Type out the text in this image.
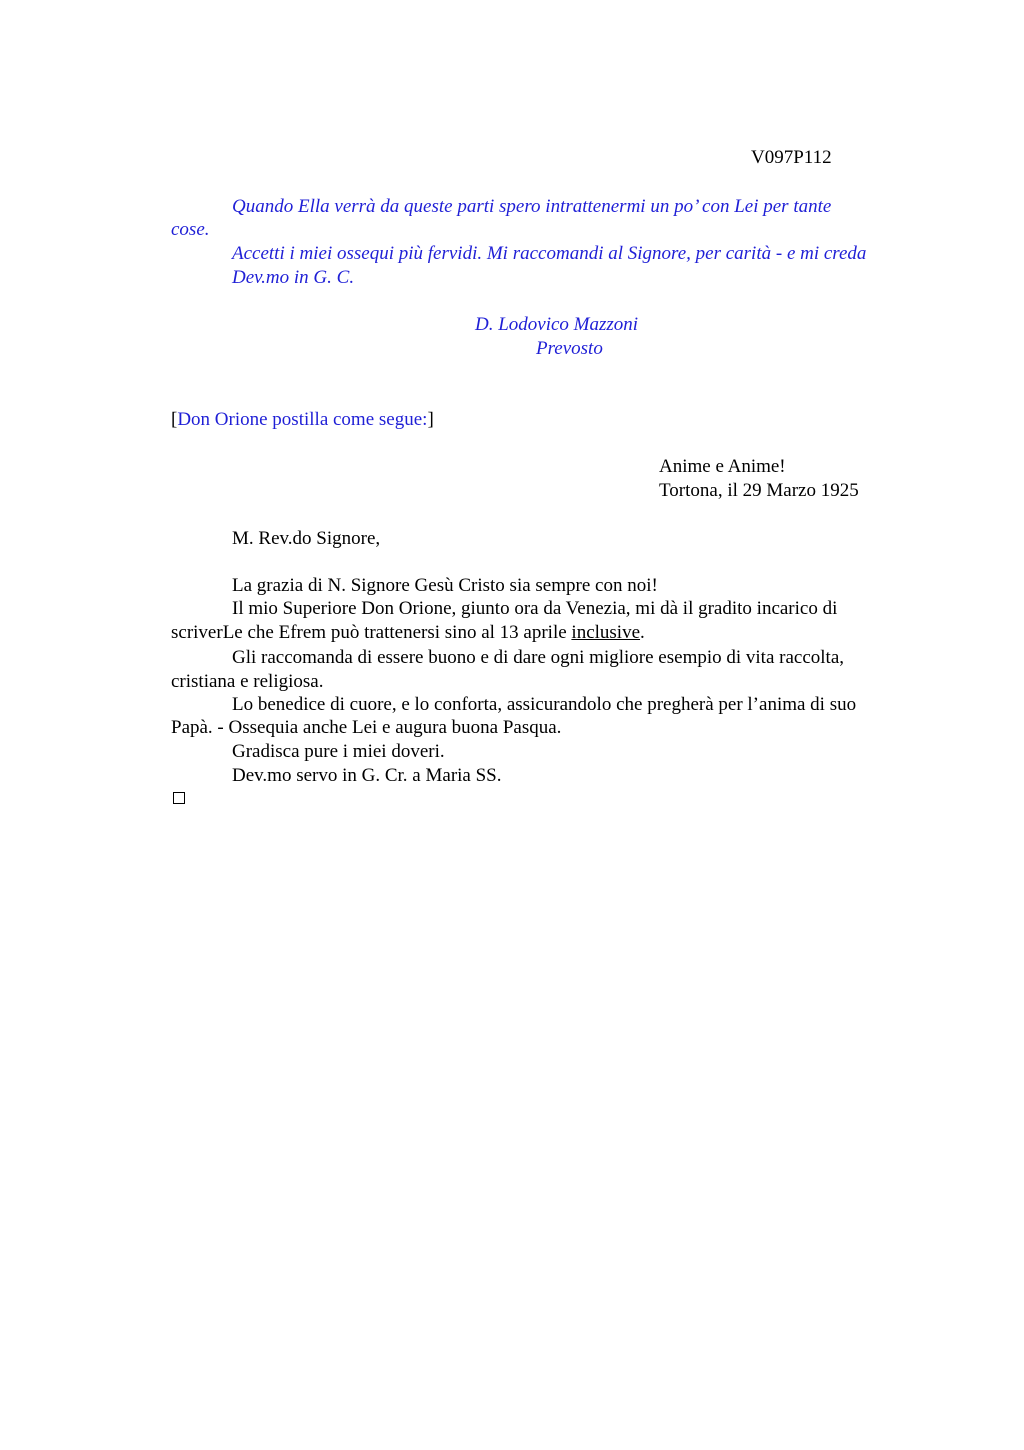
V097P112
Quando Ella verrà da queste parti spero intrattenermi un po’ con Lei per tante
cose.
Accetti i miei ossequi più fervidi. Mi raccomandi al Signore, per carità - e mi creda
Dev.mo in G. C.
D. Lodovico Mazzoni
Prevosto
[Don Orione postilla come segue:]
Anime e Anime!
Tortona, il 29 Marzo 1925
M. Rev.do Signore,
La grazia di N. Signore Gesù Cristo sia sempre con noi!
Il mio Superiore Don Orione, giunto ora da Venezia, mi dà il gradito incarico di
scriverLe che Efrem può trattenersi sino al 13 aprile inclusive.
Gli raccomanda di essere buono e di dare ogni migliore esempio di vita raccolta,
cristiana e religiosa.
Lo benedice di cuore, e lo conforta, assicurandolo che pregherà per l’anima di suo
Papà. - Ossequia anche Lei e augura buona Pasqua.
Gradisca pure i miei doveri.
Dev.mo servo in G. Cr. a Maria SS.
